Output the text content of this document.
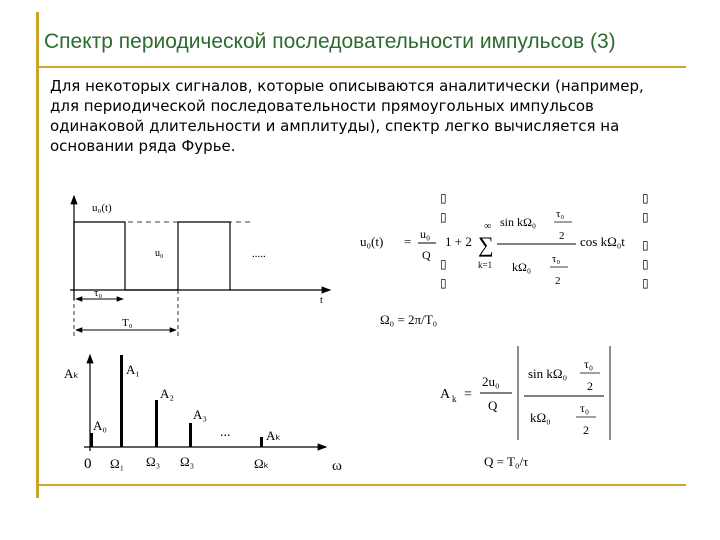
Спектр периодической последовательности импульсов (3)
Для некоторых сигналов, которые описываются аналитически (например,
для периодической последовательности прямоугольных импульсов
одинаковой длительности и амплитуды), спектр легко вычисляется на
основании ряда Фурье.
u₀(t)
u₀	.....
t
τ₀
T₀
Aₖ
A₀
A₁
A₂
A₃
Aₖ
...
0 Ω₁ Ω₃ Ω₃	Ωₖ	ω
u₀(t) = u₀
Q
▯
▯
▯
▯
1 + 2
∞
∑
k=1
sin kΩ₀
τ₀
2
kΩ₀
τ₀
2
cos kΩ₀t
▯
▯
▯
▯
▯
Ω₀ = 2π/T₀
A k =
2u₀
Q
sin kΩ₀
τ₀
2
kΩ₀
τ₀
2
Q = T₀/τ
